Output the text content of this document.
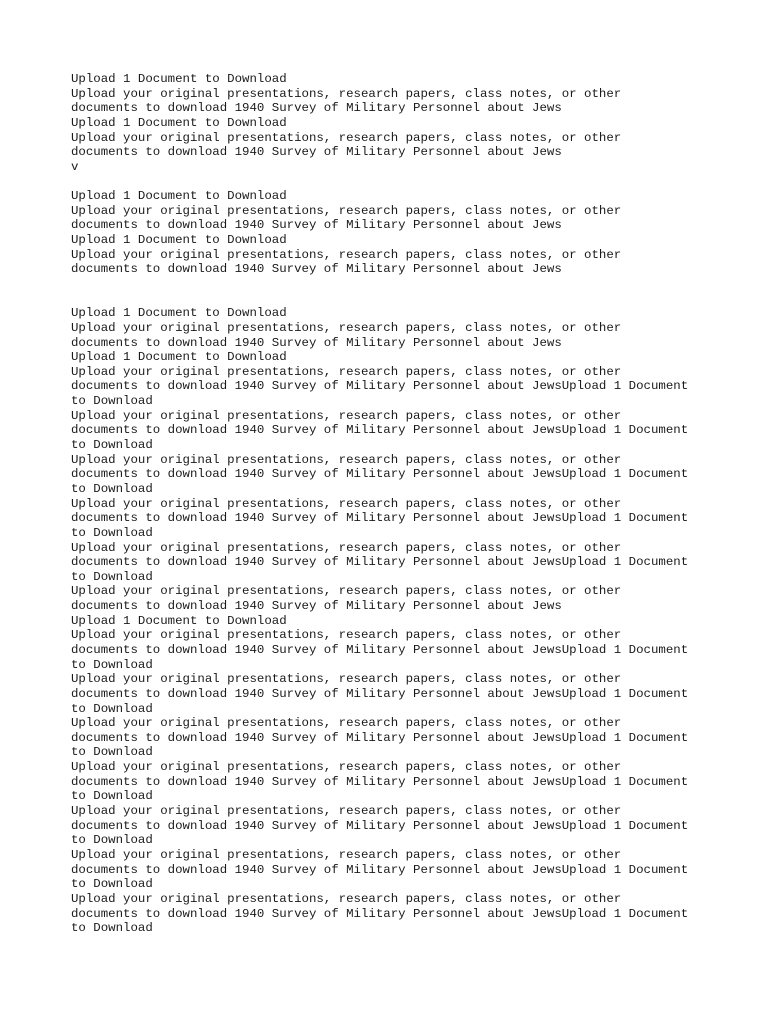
Upload 1 Document to Download
Upload your original presentations, research papers, class notes, or other
documents to download 1940 Survey of Military Personnel about Jews
Upload 1 Document to Download
Upload your original presentations, research papers, class notes, or other
documents to download 1940 Survey of Military Personnel about Jews
v
Upload 1 Document to Download
Upload your original presentations, research papers, class notes, or other
documents to download 1940 Survey of Military Personnel about Jews
Upload 1 Document to Download
Upload your original presentations, research papers, class notes, or other
documents to download 1940 Survey of Military Personnel about Jews
Upload 1 Document to Download
Upload your original presentations, research papers, class notes, or other
documents to download 1940 Survey of Military Personnel about Jews
Upload 1 Document to Download
Upload your original presentations, research papers, class notes, or other
documents to download 1940 Survey of Military Personnel about JewsUpload 1 Document
to Download
Upload your original presentations, research papers, class notes, or other
documents to download 1940 Survey of Military Personnel about JewsUpload 1 Document
to Download
Upload your original presentations, research papers, class notes, or other
documents to download 1940 Survey of Military Personnel about JewsUpload 1 Document
to Download
Upload your original presentations, research papers, class notes, or other
documents to download 1940 Survey of Military Personnel about JewsUpload 1 Document
to Download
Upload your original presentations, research papers, class notes, or other
documents to download 1940 Survey of Military Personnel about JewsUpload 1 Document
to Download
Upload your original presentations, research papers, class notes, or other
documents to download 1940 Survey of Military Personnel about Jews
Upload 1 Document to Download
Upload your original presentations, research papers, class notes, or other
documents to download 1940 Survey of Military Personnel about JewsUpload 1 Document
to Download
Upload your original presentations, research papers, class notes, or other
documents to download 1940 Survey of Military Personnel about JewsUpload 1 Document
to Download
Upload your original presentations, research papers, class notes, or other
documents to download 1940 Survey of Military Personnel about JewsUpload 1 Document
to Download
Upload your original presentations, research papers, class notes, or other
documents to download 1940 Survey of Military Personnel about JewsUpload 1 Document
to Download
Upload your original presentations, research papers, class notes, or other
documents to download 1940 Survey of Military Personnel about JewsUpload 1 Document
to Download
Upload your original presentations, research papers, class notes, or other
documents to download 1940 Survey of Military Personnel about JewsUpload 1 Document
to Download
Upload your original presentations, research papers, class notes, or other
documents to download 1940 Survey of Military Personnel about JewsUpload 1 Document
to Download
